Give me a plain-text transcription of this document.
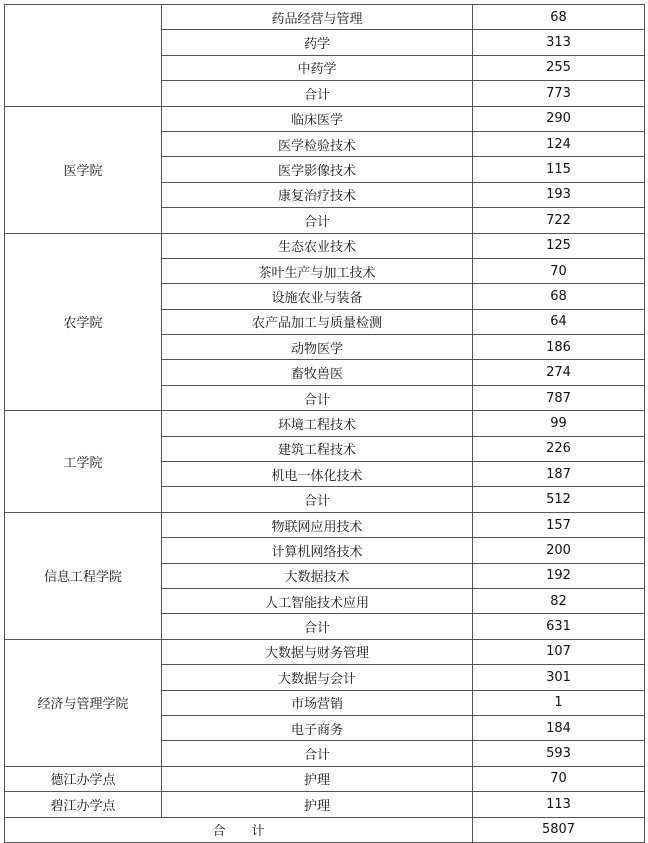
	药品经营与管理	68
	药学	313
	中药学	255
	合计	773
医学院	临床医学	290
	医学检验技术	124
	医学影像技术	115
	康复治疗技术	193
	合计	722
农学院	生态农业技术	125
	茶叶生产与加工技术	70
	设施农业与装备	68
	农产品加工与质量检测	64
	动物医学	186
	畜牧兽医	274
	合计	787
工学院	环境工程技术	99
	建筑工程技术	226
	机电一体化技术	187
	合计	512
信息工程学院	物联网应用技术	157
	计算机网络技术	200
	大数据技术	192
	人工智能技术应用	82
	合计	631
经济与管理学院	大数据与财务管理	107
	大数据与会计	301
	市场营销	1
	电子商务	184
	合计	593
德江办学点	护理	70
碧江办学点	护理	113
合 计		5807
